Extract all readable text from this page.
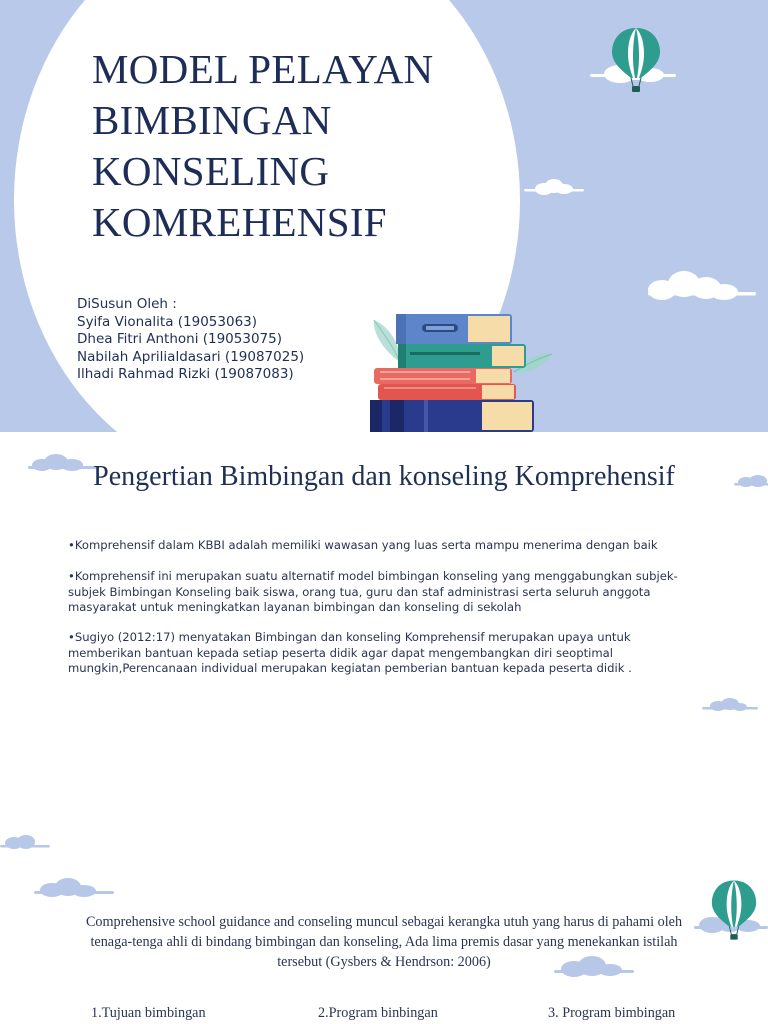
MODEL PELAYAN
BIMBINGAN
KONSELING
KOMREHENSIF
DiSusun Oleh :
Syifa Vionalita (19053063)
Dhea Fitri Anthoni (19053075)
Nabilah Aprilialdasari (19087025)
Ilhadi Rahmad Rizki (19087083)
Pengertian Bimbingan dan konseling Komprehensif

•Komprehensif dalam KBBI adalah memiliki wawasan yang luas serta mampu menerima dengan baik

•Komprehensif ini merupakan suatu alternatif model bimbingan konseling yang menggabungkan subjek-subjek Bimbingan Konseling baik siswa, orang tua, guru dan staf administrasi serta seluruh anggota masyarakat untuk meningkatkan layanan bimbingan dan konseling di sekolah

•Sugiyo (2012:17) menyatakan Bimbingan dan konseling Komprehensif merupakan upaya untuk memberikan bantuan kepada setiap peserta didik agar dapat mengembangkan diri seoptimal mungkin,Perencanaan individual merupakan kegiatan pemberian bantuan kepada peserta didik .

Comprehensive school guidance and conseling muncul sebagai kerangka utuh yang harus di pahami oleh tenaga-tenga ahli di bindang bimbingan dan konseling, Ada lima premis dasar yang menekankan istilah tersebut (Gysbers & Hendrson: 2006)

1.Tujuan bimbingan	2.Program binbingan	3. Program bimbingan
